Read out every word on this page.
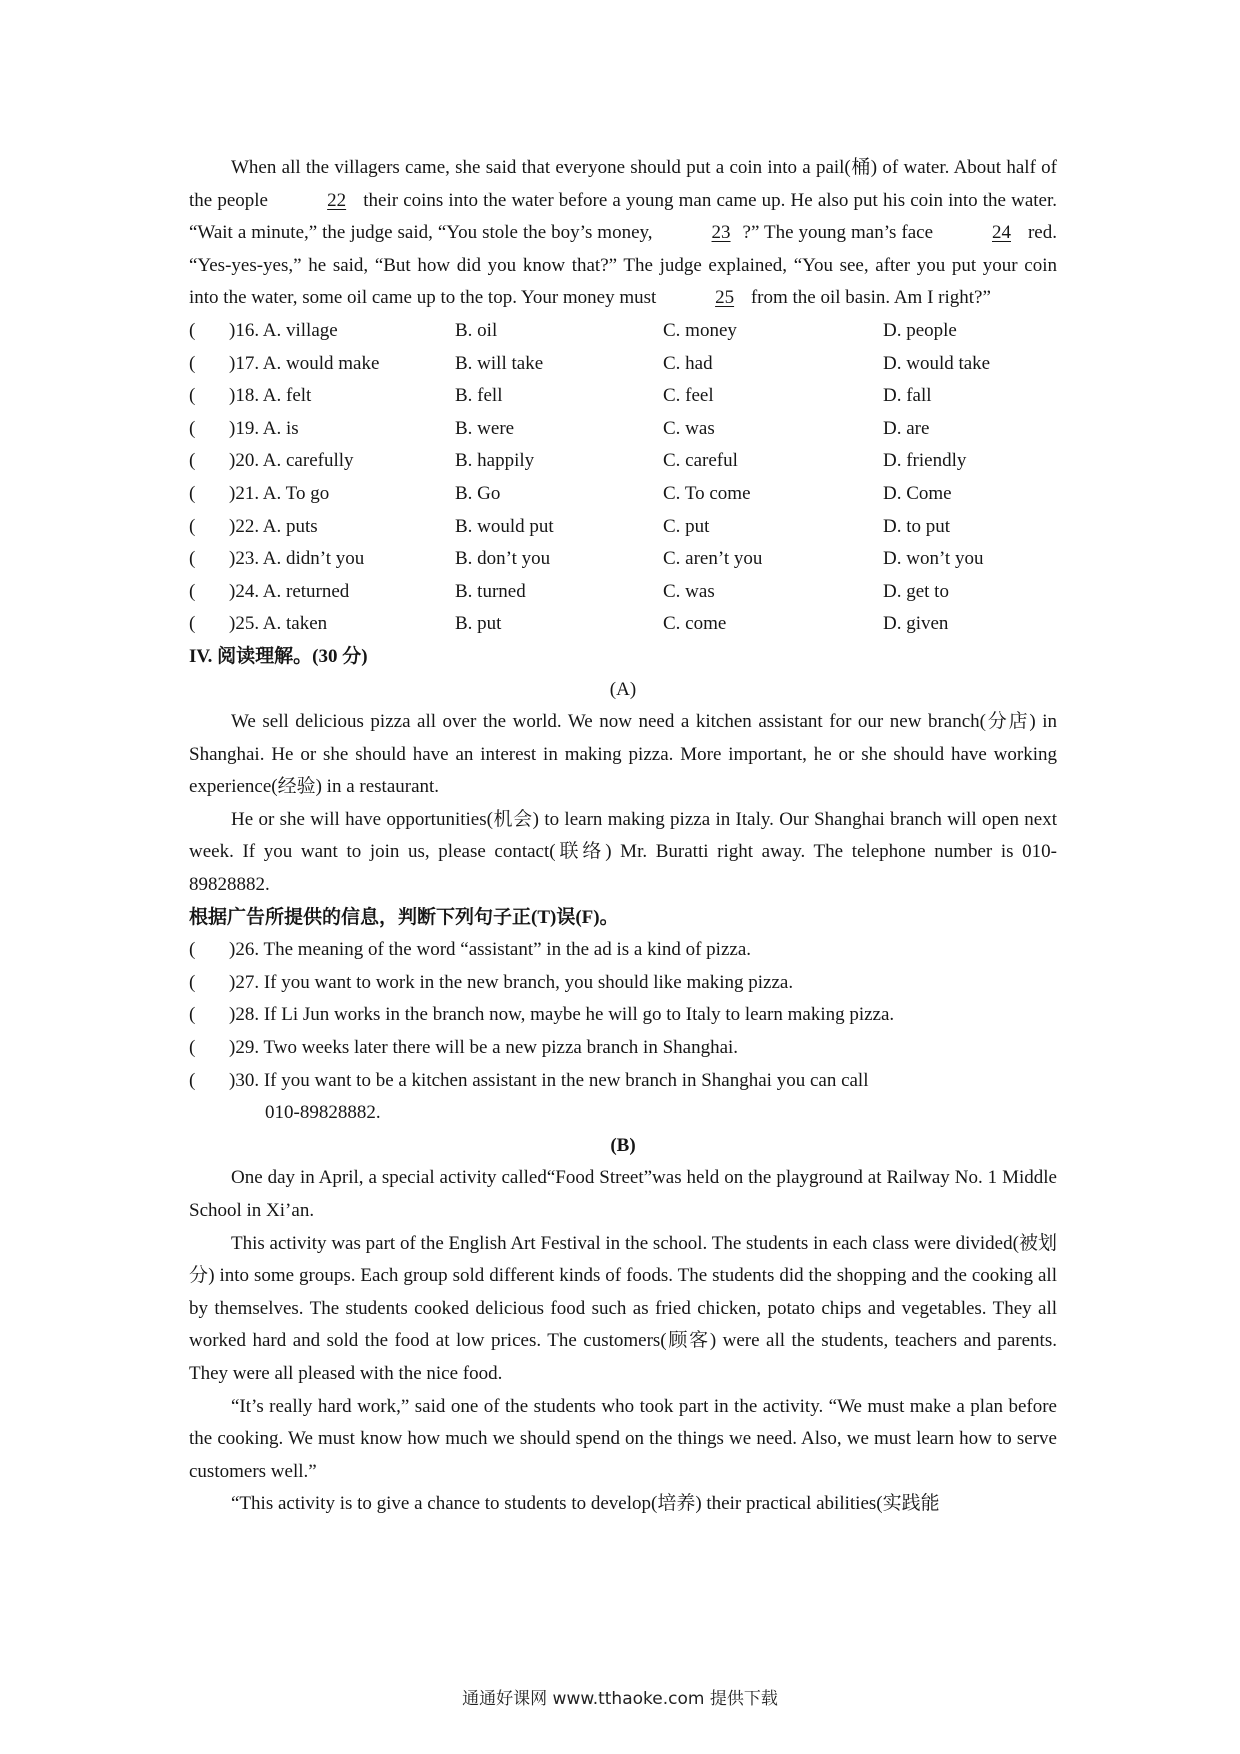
When all the villagers came, she said that everyone should put a coin into a pail(桶) of water. About half of the people	22 their coins into the water before a young man came up. He also put his coin into the water. “Wait a minute,” the judge said, “You stole the boy’s money,	23 ?” The young man’s face	24 red. “Yes-yes-yes,” he said, “But how did you know that?” The judge explained, “You see, after you put your coin into the water, some oil came up to the top. Your money must	25 from the oil basin. Am I right?”

(	)16. A. village	B. oil	C. money	D. people
(	)17. A. would make	B. will take	C. had	D. would take
(	)18. A. felt	B. fell	C. feel	D. fall
(	)19. A. is	B. were	C. was	D. are
(	)20. A. carefully	B. happily	C. careful	D. friendly
(	)21. A. To go	B. Go	C. To come	D. Come
(	)22. A. puts	B. would put	C. put	D. to put
(	)23. A. didn’t you	B. don’t you	C. aren’t you	D. won’t you
(	)24. A. returned	B. turned	C. was	D. get to
(	)25. A. taken	B. put	C. come	D. given
IV. 阅读理解。(30 分)
(A)

We sell delicious pizza all over the world. We now need a kitchen assistant for our new branch(分店) in Shanghai. He or she should have an interest in making pizza. More important, he or she should have working experience(经验) in a restaurant.

He or she will have opportunities(机会) to learn making pizza in Italy. Our Shanghai branch will open next week. If you want to join us, please contact(联络) Mr. Buratti right away. The telephone number is 010-89828882.

根据广告所提供的信息，判断下列句子正(T)误(F)。
(	)26. The meaning of the word “assistant” in the ad is a kind of pizza.
(	)27. If you want to work in the new branch, you should like making pizza.
(	)28. If Li Jun works in the branch now, maybe he will go to Italy to learn making pizza.
(	)29. Two weeks later there will be a new pizza branch in Shanghai.
(	)30. If you want to be a kitchen assistant in the new branch in Shanghai you can call
010-89828882.
(B)

One day in April, a special activity called“Food Street”was held on the playground at Railway No. 1 Middle School in Xi’an.

This activity was part of the English Art Festival in the school. The students in each class were divided(被划分) into some groups. Each group sold different kinds of foods. The students did the shopping and the cooking all by themselves. The students cooked delicious food such as fried chicken, potato chips and vegetables. They all worked hard and sold the food at low prices. The customers(顾客) were all the students, teachers and parents. They were all pleased with the nice food.

“It’s really hard work,” said one of the students who took part in the activity. “We must make a plan before the cooking. We must know how much we should spend on the things we need. Also, we must learn how to serve customers well.”

“This activity is to give a chance to students to develop(培养) their practical abilities(实践能

通通好课网 www.tthaoke.com 提供下载
